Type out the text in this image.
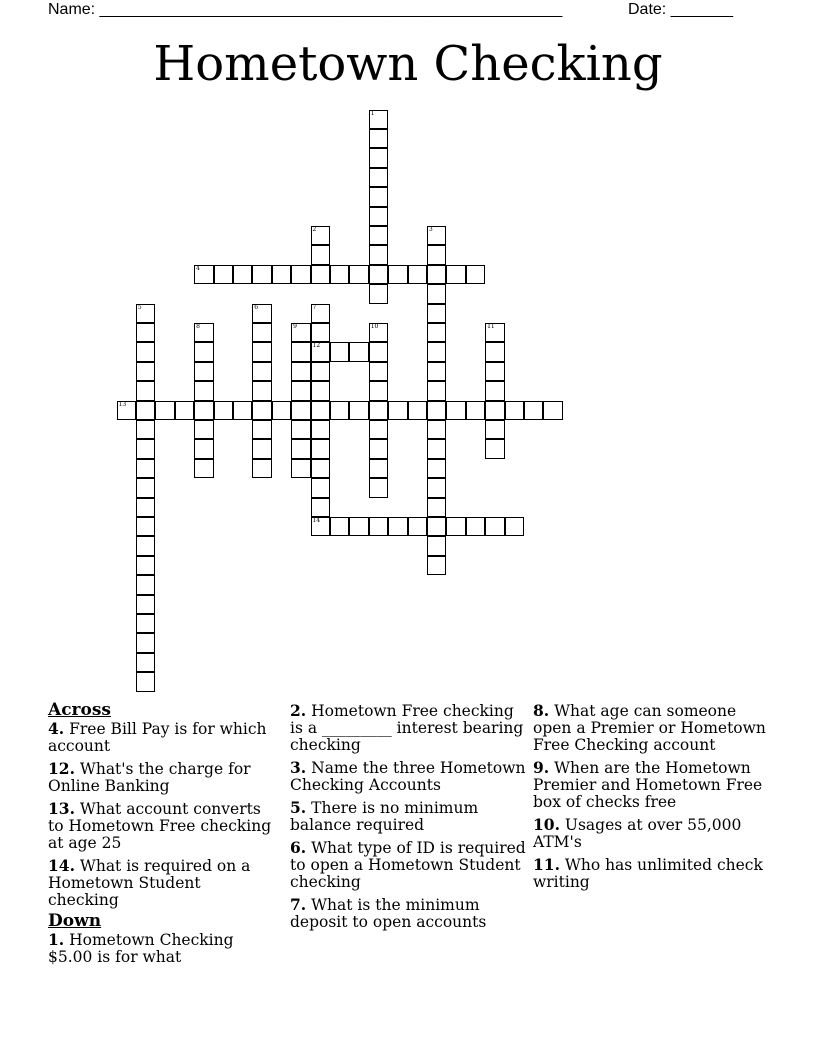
Name: ____________________________________________________	Date: _______
Hometown Checking
1
2	3
4
5	6	7
12
8	9	10	11
13
14
Across
4. Free Bill Pay is for which account
12. What's the charge for Online Banking
13. What account converts to Hometown Free checking at age 25
14. What is required on a Hometown Student checking
Down
1. Hometown Checking $5.00 is for what
2. Hometown Free checking is a _________ interest bearing checking
3. Name the three Hometown Checking Accounts
5. There is no minimum balance required
6. What type of ID is required to open a Hometown Student checking
7. What is the minimum deposit to open accounts
8. What age can someone open a Premier or Hometown Free Checking account
9. When are the Hometown Premier and Hometown Free box of checks free
10. Usages at over 55,000 ATM's
11. Who has unlimited check writing
